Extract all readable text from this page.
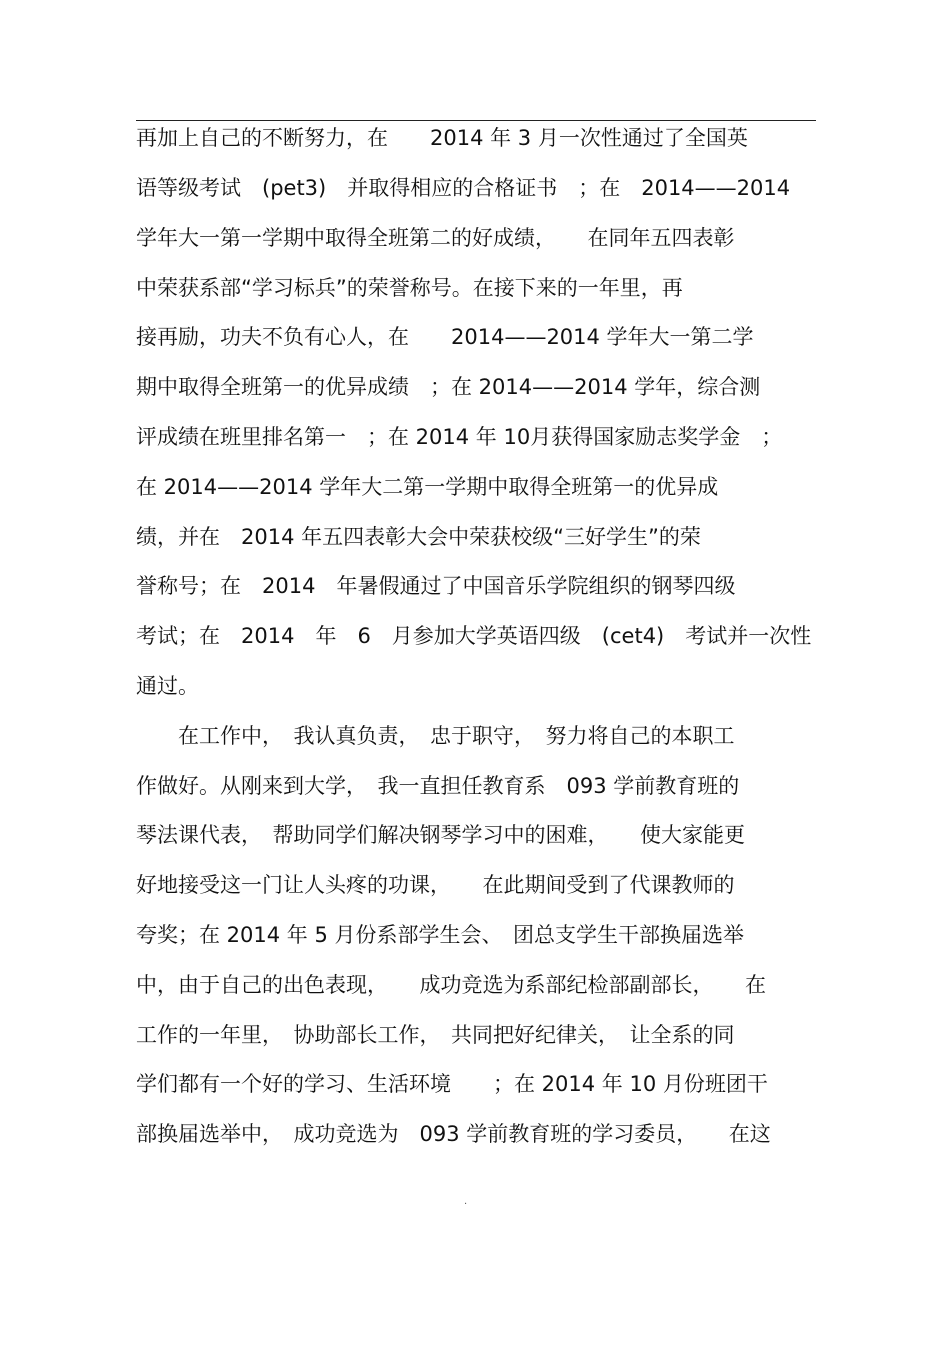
再加上自己的不断努力，在　　2014 年 3 月一次性通过了全国英
语等级考试　(pet3)　并取得相应的合格证书　；在　2014——2014
学年大一第一学期中取得全班第二的好成绩，　　在同年五四表彰
中荣获系部“学习标兵”的荣誉称号。在接下来的一年里，再
接再励，功夫不负有心人，在　　2014——2014 学年大一第二学
期中取得全班第一的优异成绩　；在 2014——2014 学年，综合测
评成绩在班里排名第一　；在 2014 年 10月获得国家励志奖学金　；
在 2014——2014 学年大二第一学期中取得全班第一的优异成
绩，并在　2014 年五四表彰大会中荣获校级“三好学生”的荣
誉称号；在　2014　年暑假通过了中国音乐学院组织的钢琴四级
考试；在　2014　年　6　月参加大学英语四级　(cet4)　考试并一次性
通过。
　　在工作中，　我认真负责，　忠于职守，　努力将自己的本职工
作做好。从刚来到大学，　我一直担任教育系　093 学前教育班的
琴法课代表，　帮助同学们解决钢琴学习中的困难，　　使大家能更
好地接受这一门让人头疼的功课，　　在此期间受到了代课教师的
夸奖；在 2014 年 5 月份系部学生会、　团总支学生干部换届选举
中，由于自己的出色表现，　　成功竞选为系部纪检部副部长，　　在
工作的一年里，　协助部长工作，　共同把好纪律关，　让全系的同
学们都有一个好的学习、生活环境　　；在 2014 年 10 月份班团干
部换届选举中，　成功竞选为　093 学前教育班的学习委员，　　在这
.
